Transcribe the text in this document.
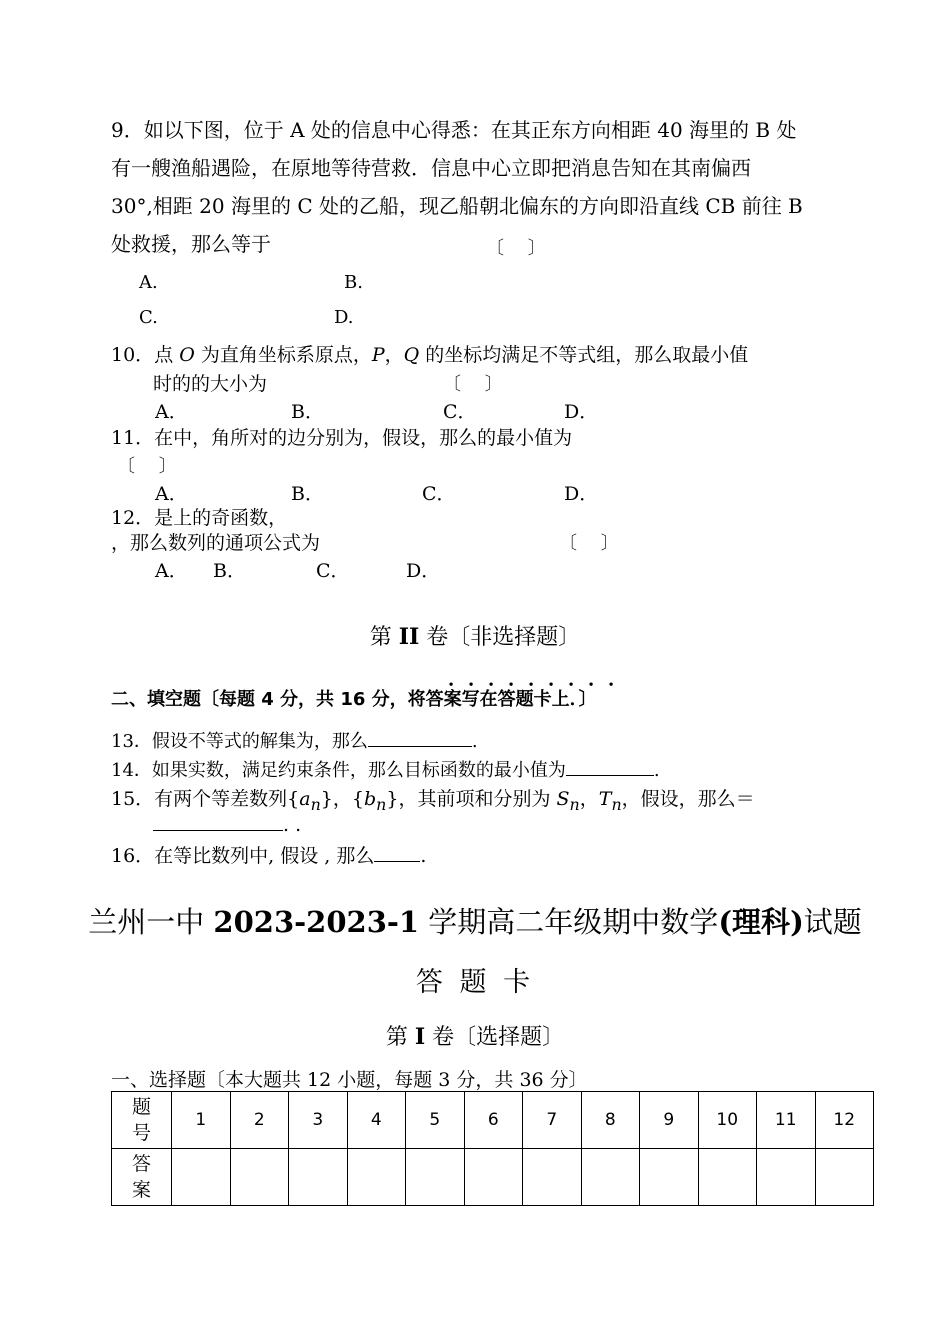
9．如以下图，位于 A 处的信息中心得悉：在其正东方向相距 40 海里的 B 处
有一艘渔船遇险，在原地等待营救．信息中心立即把消息告知在其南偏西
30°,相距 20 海里的 C 处的乙船，现乙船朝北偏东的方向即沿直线 CB 前往 B
处救援，那么等于	〔　 〕
A.	B.
C.	D.
10．点 O 为直角坐标系原点，P，Q 的坐标均满足不等式组，那么取最小值
时的的大小为	〔　 〕
A．	B．	C．	D．
11．在中，角所对的边分别为，假设，那么的最小值为
〔　 〕
A．	B．	C．	D．
12．是上的奇函数，
，那么数列的通项公式为	〔　 〕
A． B．	C．	D．
第 II 卷〔非选择题〕
．．．．．．．．．
二、填空题〔每题 4 分，共 16 分，将答案写在答题卡上．〕
13．假设不等式的解集为，那么	.
14．如果实数，满足约束条件，那么目标函数的最小值为	.
15．有两个等差数列$\{a_n\}$，$\{b_n\}$，其前项和分别为 $S_n$，$T_n$，假设，那么＝
. .
16．在等比数列中, 假设 , 那么 .
兰州一中 2023-2023-1 学期高二年级期中数学(理科)试题
答 题 卡
第 I 卷〔选择题〕
一、选择题〔本大题共 12 小题，每题 3 分，共 36 分〕
题号	1	2	3	4	5	6	7	8	9	10	11	12
答案												
